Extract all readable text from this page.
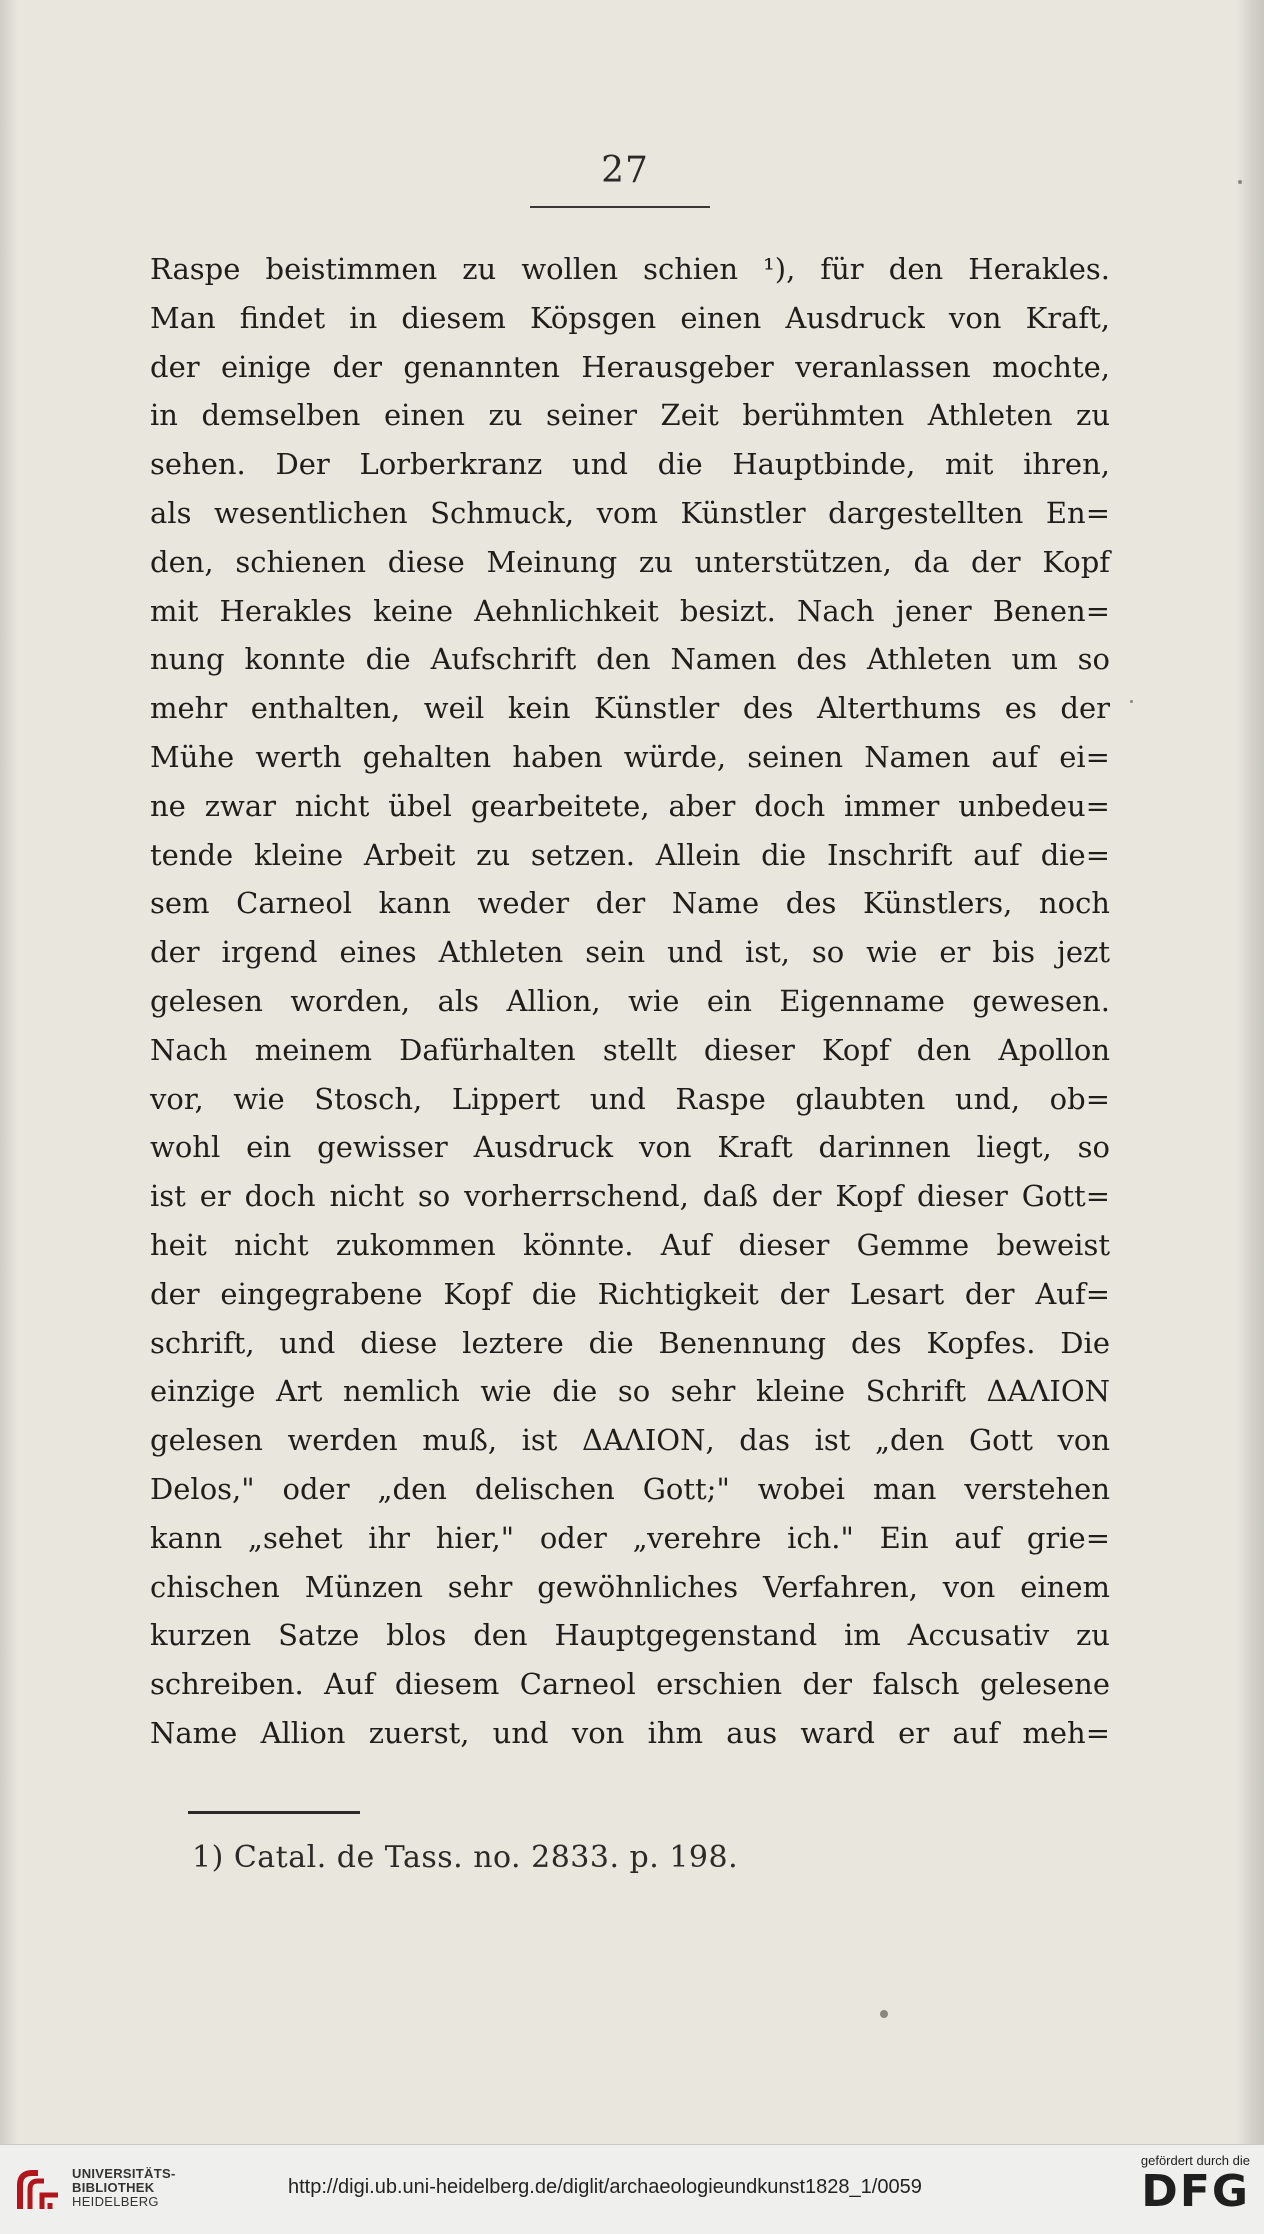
27
Raspe beistimmen zu wollen schien ¹), für den Herakles.
Man findet in diesem Köpsgen einen Ausdruck von Kraft,
der einige der genannten Herausgeber veranlassen mochte,
in demselben einen zu seiner Zeit berühmten Athleten zu
sehen. Der Lorberkranz und die Hauptbinde, mit ihren,
als wesentlichen Schmuck, vom Künstler dargestellten En=
den, schienen diese Meinung zu unterstützen, da der Kopf
mit Herakles keine Aehnlichkeit besizt. Nach jener Benen=
nung konnte die Aufschrift den Namen des Athleten um so
mehr enthalten, weil kein Künstler des Alterthums es der
Mühe werth gehalten haben würde, seinen Namen auf ei=
ne zwar nicht übel gearbeitete, aber doch immer unbedeu=
tende kleine Arbeit zu setzen. Allein die Inschrift auf die=
sem Carneol kann weder der Name des Künstlers, noch
der irgend eines Athleten sein und ist, so wie er bis jezt
gelesen worden, als Allion, wie ein Eigenname gewesen.
Nach meinem Dafürhalten stellt dieser Kopf den Apollon
vor, wie Stosch, Lippert und Raspe glaubten und, ob=
wohl ein gewisser Ausdruck von Kraft darinnen liegt, so
ist er doch nicht so vorherrschend, daß der Kopf dieser Gott=
heit nicht zukommen könnte. Auf dieser Gemme beweist
der eingegrabene Kopf die Richtigkeit der Lesart der Auf=
schrift, und diese leztere die Benennung des Kopfes. Die
einzige Art nemlich wie die so sehr kleine Schrift ΔΑΛΙΟΝ
gelesen werden muß, ist ΔΑΛΙΟΝ, das ist „den Gott von
Delos," oder „den delischen Gott;" wobei man verstehen
kann „sehet ihr hier," oder „verehre ich." Ein auf grie=
chischen Münzen sehr gewöhnliches Verfahren, von einem
kurzen Satze blos den Hauptgegenstand im Accusativ zu
schreiben. Auf diesem Carneol erschien der falsch gelesene
Name Allion zuerst, und von ihm aus ward er auf meh=
1) Catal. de Tass. no. 2833. p. 198.
UNIVERSITÄTS-
BIBLIOTHEK
HEIDELBERG
http://digi.ub.uni-heidelberg.de/diglit/archaeologieundkunst1828_1/0059
gefördert durch die
DFG
